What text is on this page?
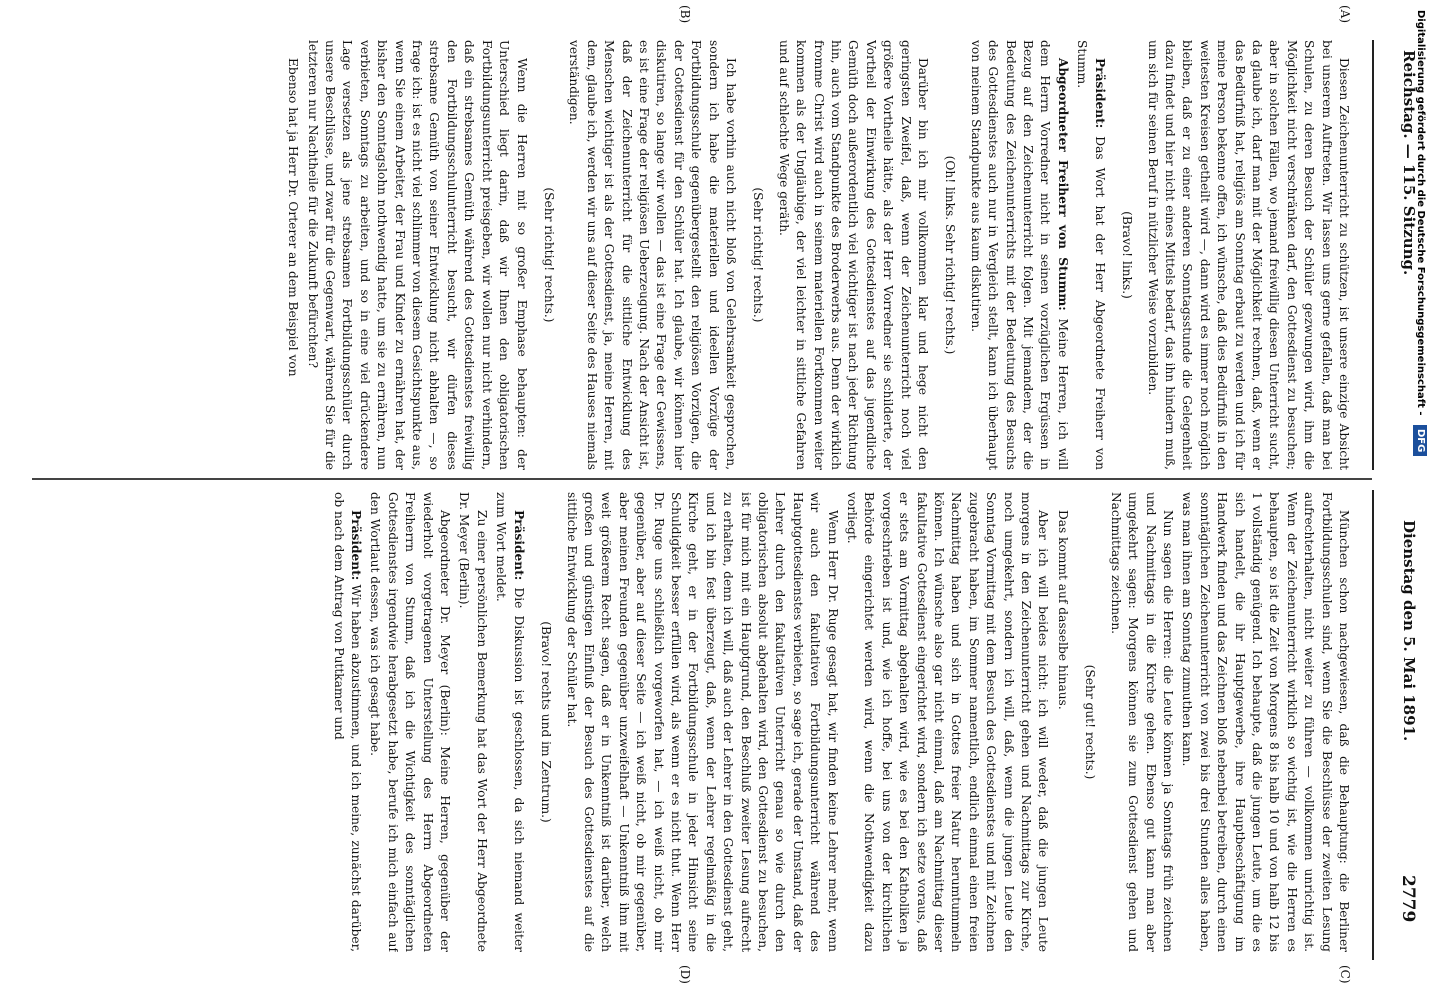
Reichstag. — 115. Sitzung.
Dienstag den 5. Mai 1891.
2779
(A)
(B)
(C)
(D)

Diesen Zeichenunterricht zu schützen, ist unsere einzige Absicht bei unserem Auftreten. Wir lassen uns gerne gefallen, daß man bei Schulen, zu deren Besuch der Schüler gezwungen wird, ihm die Möglichkeit nicht verschränken darf, den Gottesdienst zu besuchen; aber in solchen Fällen, wo jemand freiwillig diesen Unterricht sucht, da glaube ich, darf man mit der Möglichkeit rechnen, daß, wenn er das Bedürfniß hat, religiös am Sonntag erbaut zu werden und ich für meine Person bekenne offen, ich wünsche, daß dies Bedürfniß in den weitesten Kreisen getheilt wird —, dann wird es immer noch möglich bleiben, daß er zu einer anderen Sonntagsstunde die Gelegenheit dazu findet und hier nicht eines Mittels bedarf, das ihn hindern muß, um sich für seinen Beruf in nützlicher Weise vorzubilden.

(Bravo! links.)

Präsident: Das Wort hat der Herr Abgeordnete Freiherr von Stumm.

Abgeordneter Freiherr von Stumm: Meine Herren, ich will dem Herrn Vorredner nicht in seinen vorzüglichen Ergüssen in Bezug auf den Zeichenunterricht folgen. Mit jemandem, der die Bedeutung des Zeichenunterrichts mit der Bedeutung des Besuchs des Gottesdienstes auch nur in Vergleich stellt, kann ich überhaupt von meinem Standpunkte aus kaum diskutiren.

(Oh! links. Sehr richtig! rechts.)

Darüber bin ich mir vollkommen klar und hege nicht den geringsten Zweifel, daß, wenn der Zeichenunterricht noch viel größere Vortheile hätte, als der Herr Vorredner sie schilderte, der Vortheil der Einwirkung des Gottesdienstes auf das jugendliche Gemüth doch außerordentlich viel wichtiger ist nach jeder Richtung hin, auch vom Standpunkte des Broderwerbs aus. Denn der wirklich fromme Christ wird auch in seinem materiellen Fortkommen weiter kommen als der Ungläubige, der viel leichter in sittliche Gefahren und auf schlechte Wege geräth.

(Sehr richtig! rechts.)

Ich habe vorhin auch nicht bloß von Gelehrsamkeit gesprochen, sondern ich habe die materiellen und ideellen Vorzüge der Fortbildungsschule gegenübergestellt den religiösen Vorzügen, die der Gottesdienst für den Schüler hat. Ich glaube, wir können hier diskutiren, so lange wir wollen — das ist eine Frage der Gewissens, es ist eine Frage der religiösen Ueberzeugung. Nach der Ansicht ist, daß der Zeichenunterricht für die sittliche Entwicklung des Menschen wichtiger ist als der Gottesdienst, ja, meine Herren, mit dem, glaube ich, werden wir uns auf dieser Seite des Hauses niemals verständigen.

(Sehr richtig! rechts.)

Wenn die Herren mit so großer Emphase behaupten: der Unterschied liegt darin, daß wir Ihnen den obligatorischen Fortbildungsunterricht preisgeben, wir wollen nur nicht verhindern, daß ein strebsames Gemüth während des Gottesdienstes freiwillig den Fortbildungsschulunterricht besucht, wir dürfen dieses strebsame Gemüth von seiner Entwicklung nicht abhalten —, so frage ich: ist es nicht viel schlimmer von diesem Gesichtspunkte aus, wenn Sie einem Arbeiter, der Frau und Kinder zu ernähren hat, der bisher den Sonntagslohn nothwendig hatte, um sie zu ernähren, nun verbieten, Sonntags zu arbeiten, und so in eine viel drückendere Lage versetzen als jene strebsamen Fortbildungsschüler durch unsere Beschlüsse, und zwar für die Gegenwart, während Sie für die letzteren nur Nachtheile für die Zukunft befürchten?

Ebenso hat ja Herr Dr. Orterer an dem Beispiel von

München schon nachgewiesen, daß die Behauptung: die Berliner Fortbildungsschulen sind, wenn Sie die Beschlüsse der zweiten Lesung aufrechterhalten, nicht weiter zu führen — vollkommen unrichtig ist. Wenn der Zeichenunterricht wirklich so wichtig ist, wie die Herren es behaupten, so ist die Zeit von Morgens 8 bis halb 10 und von halb 12 bis 1 vollständig genügend. Ich behaupte, daß die jungen Leute, um die es sich handelt, die ihr Hauptgewerbe, ihre Hauptbeschäftigung im Handwerk finden und das Zeichnen bloß nebenbei betreiben, durch einen sonntäglichen Zeichenunterricht von zwei bis drei Stunden alles haben, was man ihnen am Sonntag zumuthen kann.

Nun sagen die Herren: die Leute können ja Sonntags früh zeichnen und Nachmittags in die Kirche gehen. Ebenso gut kann man aber umgekehrt sagen: Morgens können sie zum Gottesdienst gehen und Nachmittags zeichnen.

(Sehr gut! rechts.)

Das kommt auf dasselbe hinaus.

Aber ich will beides nicht: ich will weder, daß die jungen Leute morgens in den Zeichenunterricht gehen und Nachmittags zur Kirche, noch umgekehrt, sondern ich will, daß, wenn die jungen Leute den Sonntag Vormittag mit dem Besuch des Gottesdienstes und mit Zeichnen zugebracht haben, im Sommer namentlich, endlich einmal einen freien Nachmittag haben und sich in Gottes freier Natur herumtummeln können. Ich wünsche also gar nicht einmal, daß am Nachmittag dieser fakultative Gottesdienst eingerichtet wird, sondern ich setze voraus, daß er stets am Vormittag abgehalten wird, wie es bei den Katholiken ja vorgeschrieben ist und, wie ich hoffe, bei uns von der kirchlichen Behörde eingerichtet werden wird, wenn die Nothwendigkeit dazu vorliegt.

Wenn Herr Dr. Ruge gesagt hat, wir finden keine Lehrer mehr, wenn wir auch den fakultativen Fortbildungsunterricht während des Hauptgottesdienstes verbieten, so sage ich, gerade der Umstand, daß der Lehrer durch den fakultativen Unterricht genau so wie durch den obligatorischen absolut abgehalten wird, den Gottesdienst zu besuchen, ist für mich mit ein Hauptgrund, den Beschluß zweiter Lesung aufrecht zu erhalten, denn ich will, daß auch der Lehrer in den Gottesdienst geht, und ich bin fest überzeugt, daß, wenn der Lehrer regelmäßig in die Kirche geht, er in der Fortbildungsschule in jeder Hinsicht seine Schuldigkeit besser erfüllen wird, als wenn er es nicht thut. Wenn Herr Dr. Ruge uns schließlich vorgeworfen hat, — ich weiß nicht, ob mir gegenüber, aber auf dieser Seite — ich weiß nicht, ob mir gegenüber, aber meinen Freunden gegenüber unzweifelhaft — Unkenntniß ihm mit weit größerem Recht sagen, daß er in Unkenntniß ist darüber, welch großen und günstigen Einfluß der Besuch des Gottesdienstes auf die sittliche Entwicklung der Schüler hat.

(Bravo! rechts und im Zentrum.)

Präsident: Die Diskussion ist geschlossen, da sich niemand weiter zum Wort meldet.

Zu einer persönlichen Bemerkung hat das Wort der Herr Abgeordnete Dr. Meyer (Berlin).

Abgeordneter Dr. Meyer (Berlin): Meine Herren, gegenüber der wiederholt vorgetragenen Unterstellung des Herrn Abgeordneten Freiherrn von Stumm, daß ich die Wichtigkeit des sonntäglichen Gottesdienstes irgendwie herabgesetzt habe, berufe ich mich einfach auf den Wortlaut dessen, was ich gesagt habe.

Präsident: Wir haben abzustimmen, und ich meine, zunächst darüber, ob nach dem Antrag von Puttkamer und

Digitalisierung gefördert durch die Deutsche Forschungsgemeinschaft - DFG
